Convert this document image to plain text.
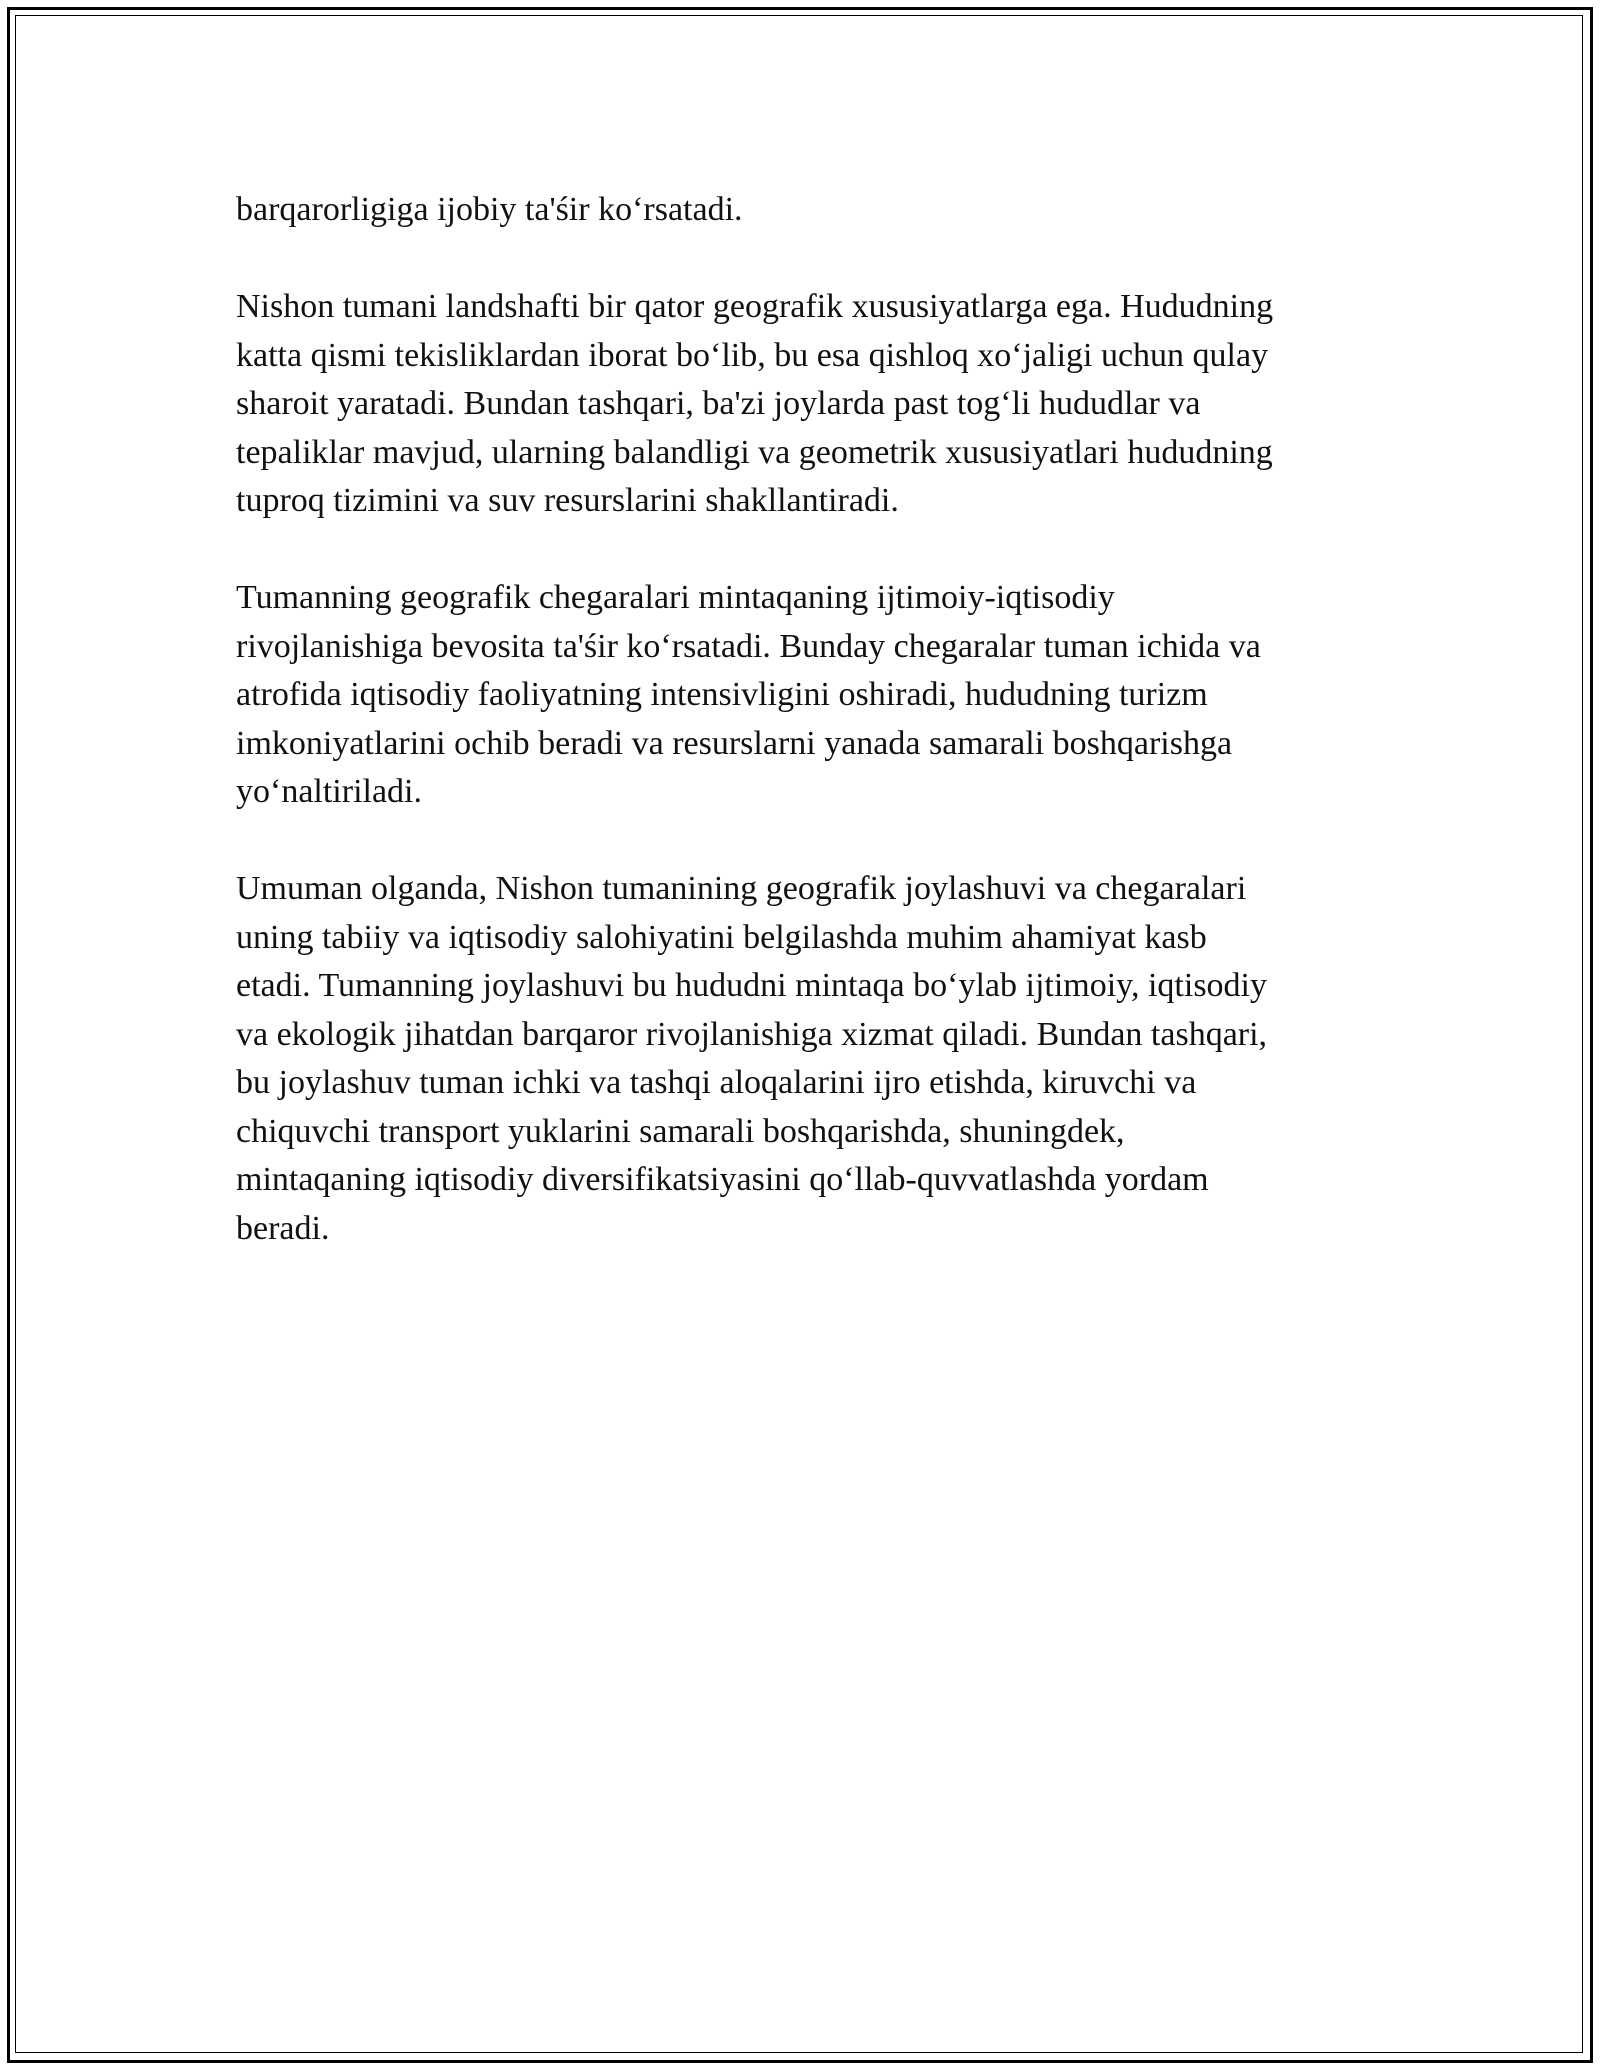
barqarorligiga ijobiy ta'śir ko‘rsatadi.

Nishon tumani landshafti bir qator geografik xususiyatlarga ega. Hududning
katta qismi tekisliklardan iborat bo‘lib, bu esa qishloq xo‘jaligi uchun qulay
sharoit yaratadi. Bundan tashqari, ba'zi joylarda past tog‘li hududlar va
tepaliklar mavjud, ularning balandligi va geometrik xususiyatlari hududning
tuproq tizimini va suv resurslarini shakllantiradi.

Tumanning geografik chegaralari mintaqaning ijtimoiy-iqtisodiy
rivojlanishiga bevosita ta'śir ko‘rsatadi. Bunday chegaralar tuman ichida va
atrofida iqtisodiy faoliyatning intensivligini oshiradi, hududning turizm
imkoniyatlarini ochib beradi va resurslarni yanada samarali boshqarishga
yo‘naltiriladi.

Umuman olganda, Nishon tumanining geografik joylashuvi va chegaralari
uning tabiiy va iqtisodiy salohiyatini belgilashda muhim ahamiyat kasb
etadi. Tumanning joylashuvi bu hududni mintaqa bo‘ylab ijtimoiy, iqtisodiy
va ekologik jihatdan barqaror rivojlanishiga xizmat qiladi. Bundan tashqari,
bu joylashuv tuman ichki va tashqi aloqalarini ijro etishda, kiruvchi va
chiquvchi transport yuklarini samarali boshqarishda, shuningdek,
mintaqaning iqtisodiy diversifikatsiyasini qo‘llab-quvvatlashda yordam
beradi.
